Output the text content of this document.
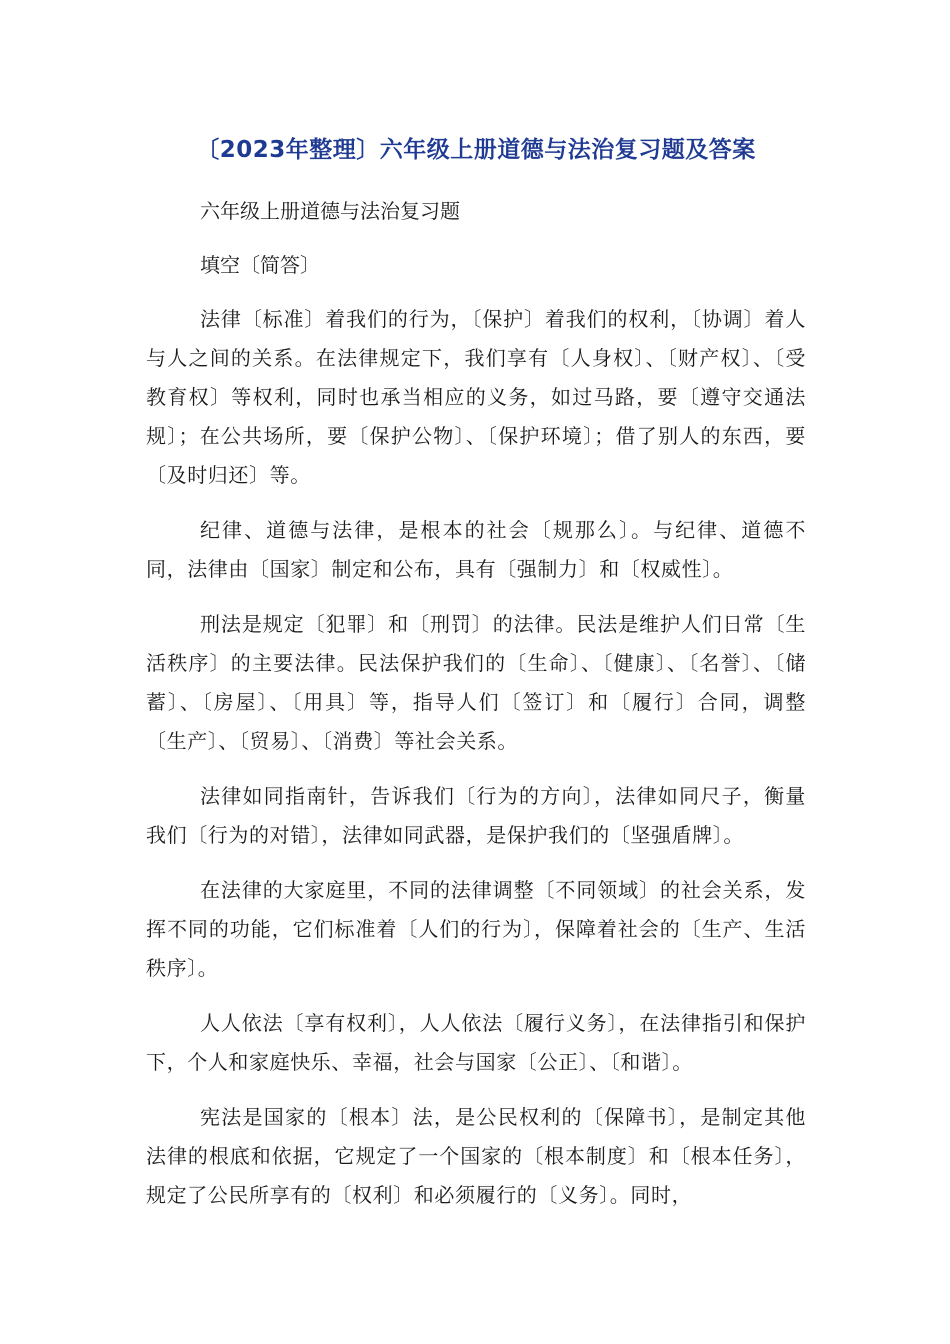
〔2023年整理〕六年级上册道德与法治复习题及答案

六年级上册道德与法治复习题

填空〔简答〕

法律〔标准〕着我们的行为，〔保护〕着我们的权利，〔协调〕着人与人之间的关系。在法律规定下，我们享有〔人身权〕、〔财产权〕、〔受教育权〕等权利，同时也承当相应的义务，如过马路，要〔遵守交通法规〕；在公共场所，要〔保护公物〕、〔保护环境〕；借了别人的东西，要〔及时归还〕等。

纪律、道德与法律，是根本的社会〔规那么〕。与纪律、道德不同，法律由〔国家〕制定和公布，具有〔强制力〕和〔权威性〕。

刑法是规定〔犯罪〕和〔刑罚〕的法律。民法是维护人们日常〔生活秩序〕的主要法律。民法保护我们的〔生命〕、〔健康〕、〔名誉〕、〔储蓄〕、〔房屋〕、〔用具〕等，指导人们〔签订〕和〔履行〕合同，调整〔生产〕、〔贸易〕、〔消费〕等社会关系。

法律如同指南针，告诉我们〔行为的方向〕，法律如同尺子，衡量我们〔行为的对错〕，法律如同武器，是保护我们的〔坚强盾牌〕。

在法律的大家庭里，不同的法律调整〔不同领域〕的社会关系，发挥不同的功能，它们标准着〔人们的行为〕，保障着社会的〔生产、生活秩序〕。

人人依法〔享有权利〕，人人依法〔履行义务〕，在法律指引和保护下，个人和家庭快乐、幸福，社会与国家〔公正〕、〔和谐〕。

宪法是国家的〔根本〕法，是公民权利的〔保障书〕，是制定其他法律的根底和依据，它规定了一个国家的〔根本制度〕和〔根本任务〕，规定了公民所享有的〔权利〕和必须履行的〔义务〕。同时，
